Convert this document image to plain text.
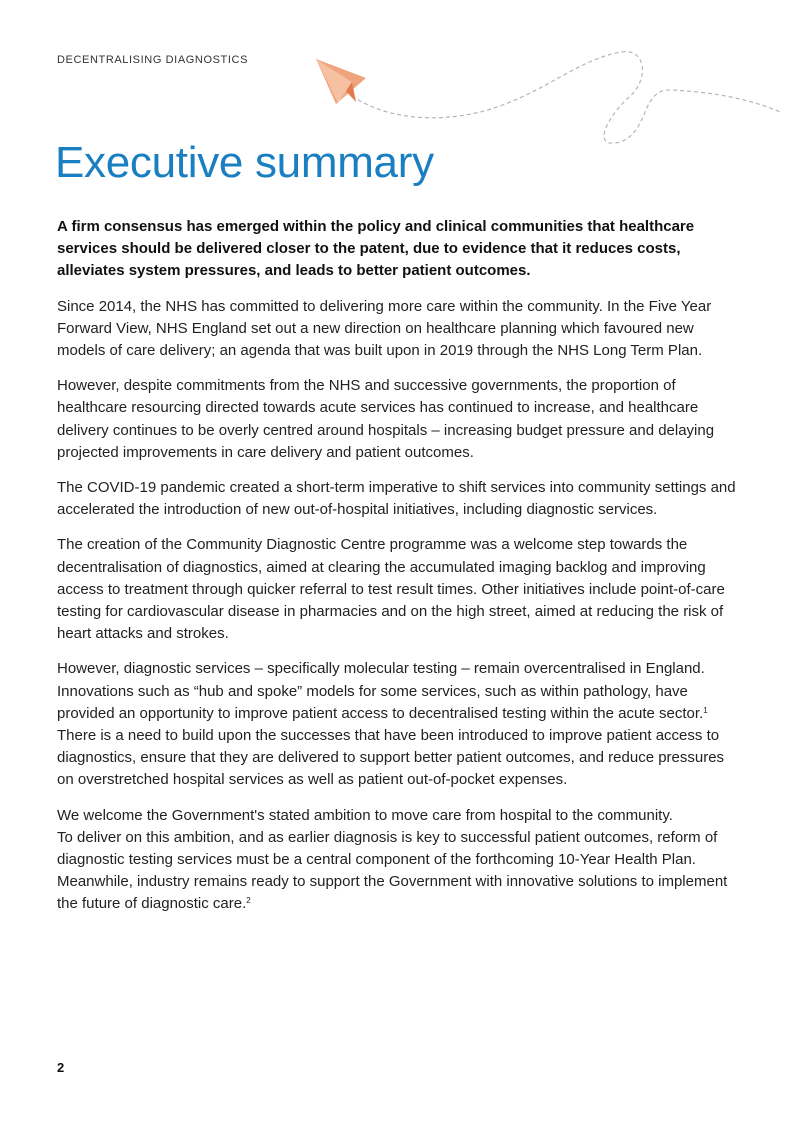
DECENTRALISING DIAGNOSTICS
Executive summary

A firm consensus has emerged within the policy and clinical communities that healthcare services should be delivered closer to the patent, due to evidence that it reduces costs, alleviates system pressures, and leads to better patient outcomes.

Since 2014, the NHS has committed to delivering more care within the community. In the Five Year Forward View, NHS England set out a new direction on healthcare planning which favoured new models of care delivery; an agenda that was built upon in 2019 through the NHS Long Term Plan.

However, despite commitments from the NHS and successive governments, the proportion of healthcare resourcing directed towards acute services has continued to increase, and healthcare delivery continues to be overly centred around hospitals – increasing budget pressure and delaying projected improvements in care delivery and patient outcomes.

The COVID-19 pandemic created a short-term imperative to shift services into community settings and accelerated the introduction of new out-of-hospital initiatives, including diagnostic services.

The creation of the Community Diagnostic Centre programme was a welcome step towards the decentralisation of diagnostics, aimed at clearing the accumulated imaging backlog and improving access to treatment through quicker referral to test result times. Other initiatives include point-of-care testing for cardiovascular disease in pharmacies and on the high street, aimed at reducing the risk of heart attacks and strokes.

However, diagnostic services – specifically molecular testing – remain overcentralised in England. Innovations such as “hub and spoke” models for some services, such as within pathology, have provided an opportunity to improve patient access to decentralised testing within the acute sector.$^1$ There is a need to build upon the successes that have been introduced to improve patient access to diagnostics, ensure that they are delivered to support better patient outcomes, and reduce pressures on overstretched hospital services as well as patient out-of-pocket expenses.

We welcome the Government's stated ambition to move care from hospital to the community.
To deliver on this ambition, and as earlier diagnosis is key to successful patient outcomes, reform of diagnostic testing services must be a central component of the forthcoming 10-Year Health Plan.
Meanwhile, industry remains ready to support the Government with innovative solutions to implement the future of diagnostic care.$^2$

2
